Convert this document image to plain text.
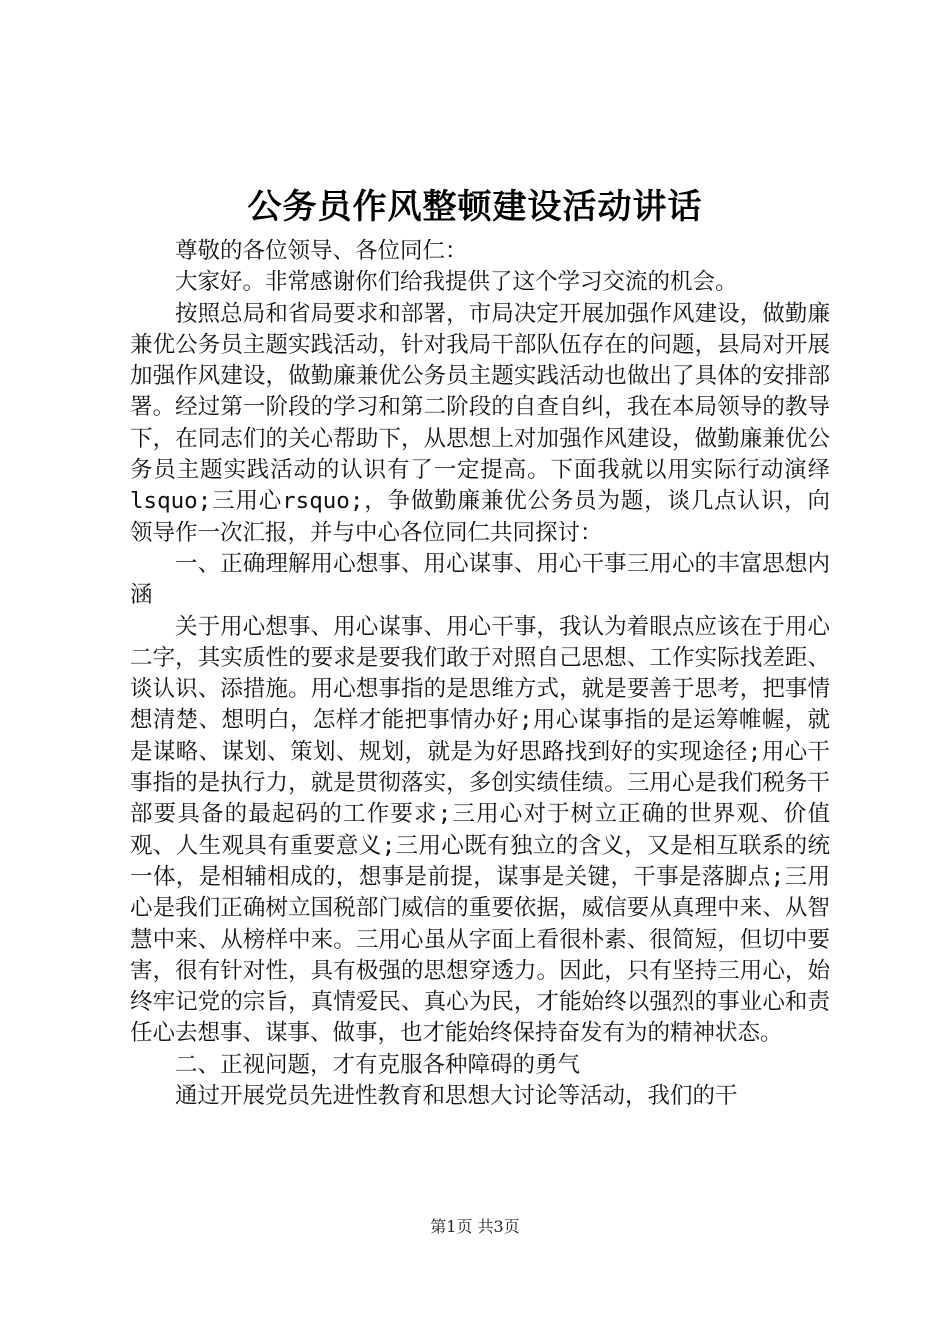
公务员作风整顿建设活动讲话

尊敬的各位领导、各位同仁：

大家好。非常感谢你们给我提供了这个学习交流的机会。

按照总局和省局要求和部署，市局决定开展加强作风建设，做勤廉兼优公务员主题实践活动，针对我局干部队伍存在的问题，县局对开展加强作风建设，做勤廉兼优公务员主题实践活动也做出了具体的安排部署。经过第一阶段的学习和第二阶段的自查自纠，我在本局领导的教导下，在同志们的关心帮助下，从思想上对加强作风建设，做勤廉兼优公务员主题实践活动的认识有了一定提高。下面我就以用实际行动演绎 lsquo;三用心rsquo;，争做勤廉兼优公务员为题，谈几点认识，向领导作一次汇报，并与中心各位同仁共同探讨：

一、正确理解用心想事、用心谋事、用心干事三用心的丰富思想内涵

关于用心想事、用心谋事、用心干事，我认为着眼点应该在于用心二字，其实质性的要求是要我们敢于对照自己思想、工作实际找差距、谈认识、添措施。用心想事指的是思维方式，就是要善于思考，把事情想清楚、想明白，怎样才能把事情办好;用心谋事指的是运筹帷幄，就是谋略、谋划、策划、规划，就是为好思路找到好的实现途径;用心干事指的是执行力，就是贯彻落实，多创实绩佳绩。三用心是我们税务干部要具备的最起码的工作要求;三用心对于树立正确的世界观、价值观、人生观具有重要意义;三用心既有独立的含义，又是相互联系的统一体，是相辅相成的，想事是前提，谋事是关键，干事是落脚点;三用心是我们正确树立国税部门威信的重要依据，威信要从真理中来、从智慧中来、从榜样中来。三用心虽从字面上看很朴素、很简短，但切中要害，很有针对性，具有极强的思想穿透力。因此，只有坚持三用心，始终牢记党的宗旨，真情爱民、真心为民，才能始终以强烈的事业心和责任心去想事、谋事、做事，也才能始终保持奋发有为的精神状态。

二、正视问题，才有克服各种障碍的勇气

通过开展党员先进性教育和思想大讨论等活动，我们的干

第1页 共3页
